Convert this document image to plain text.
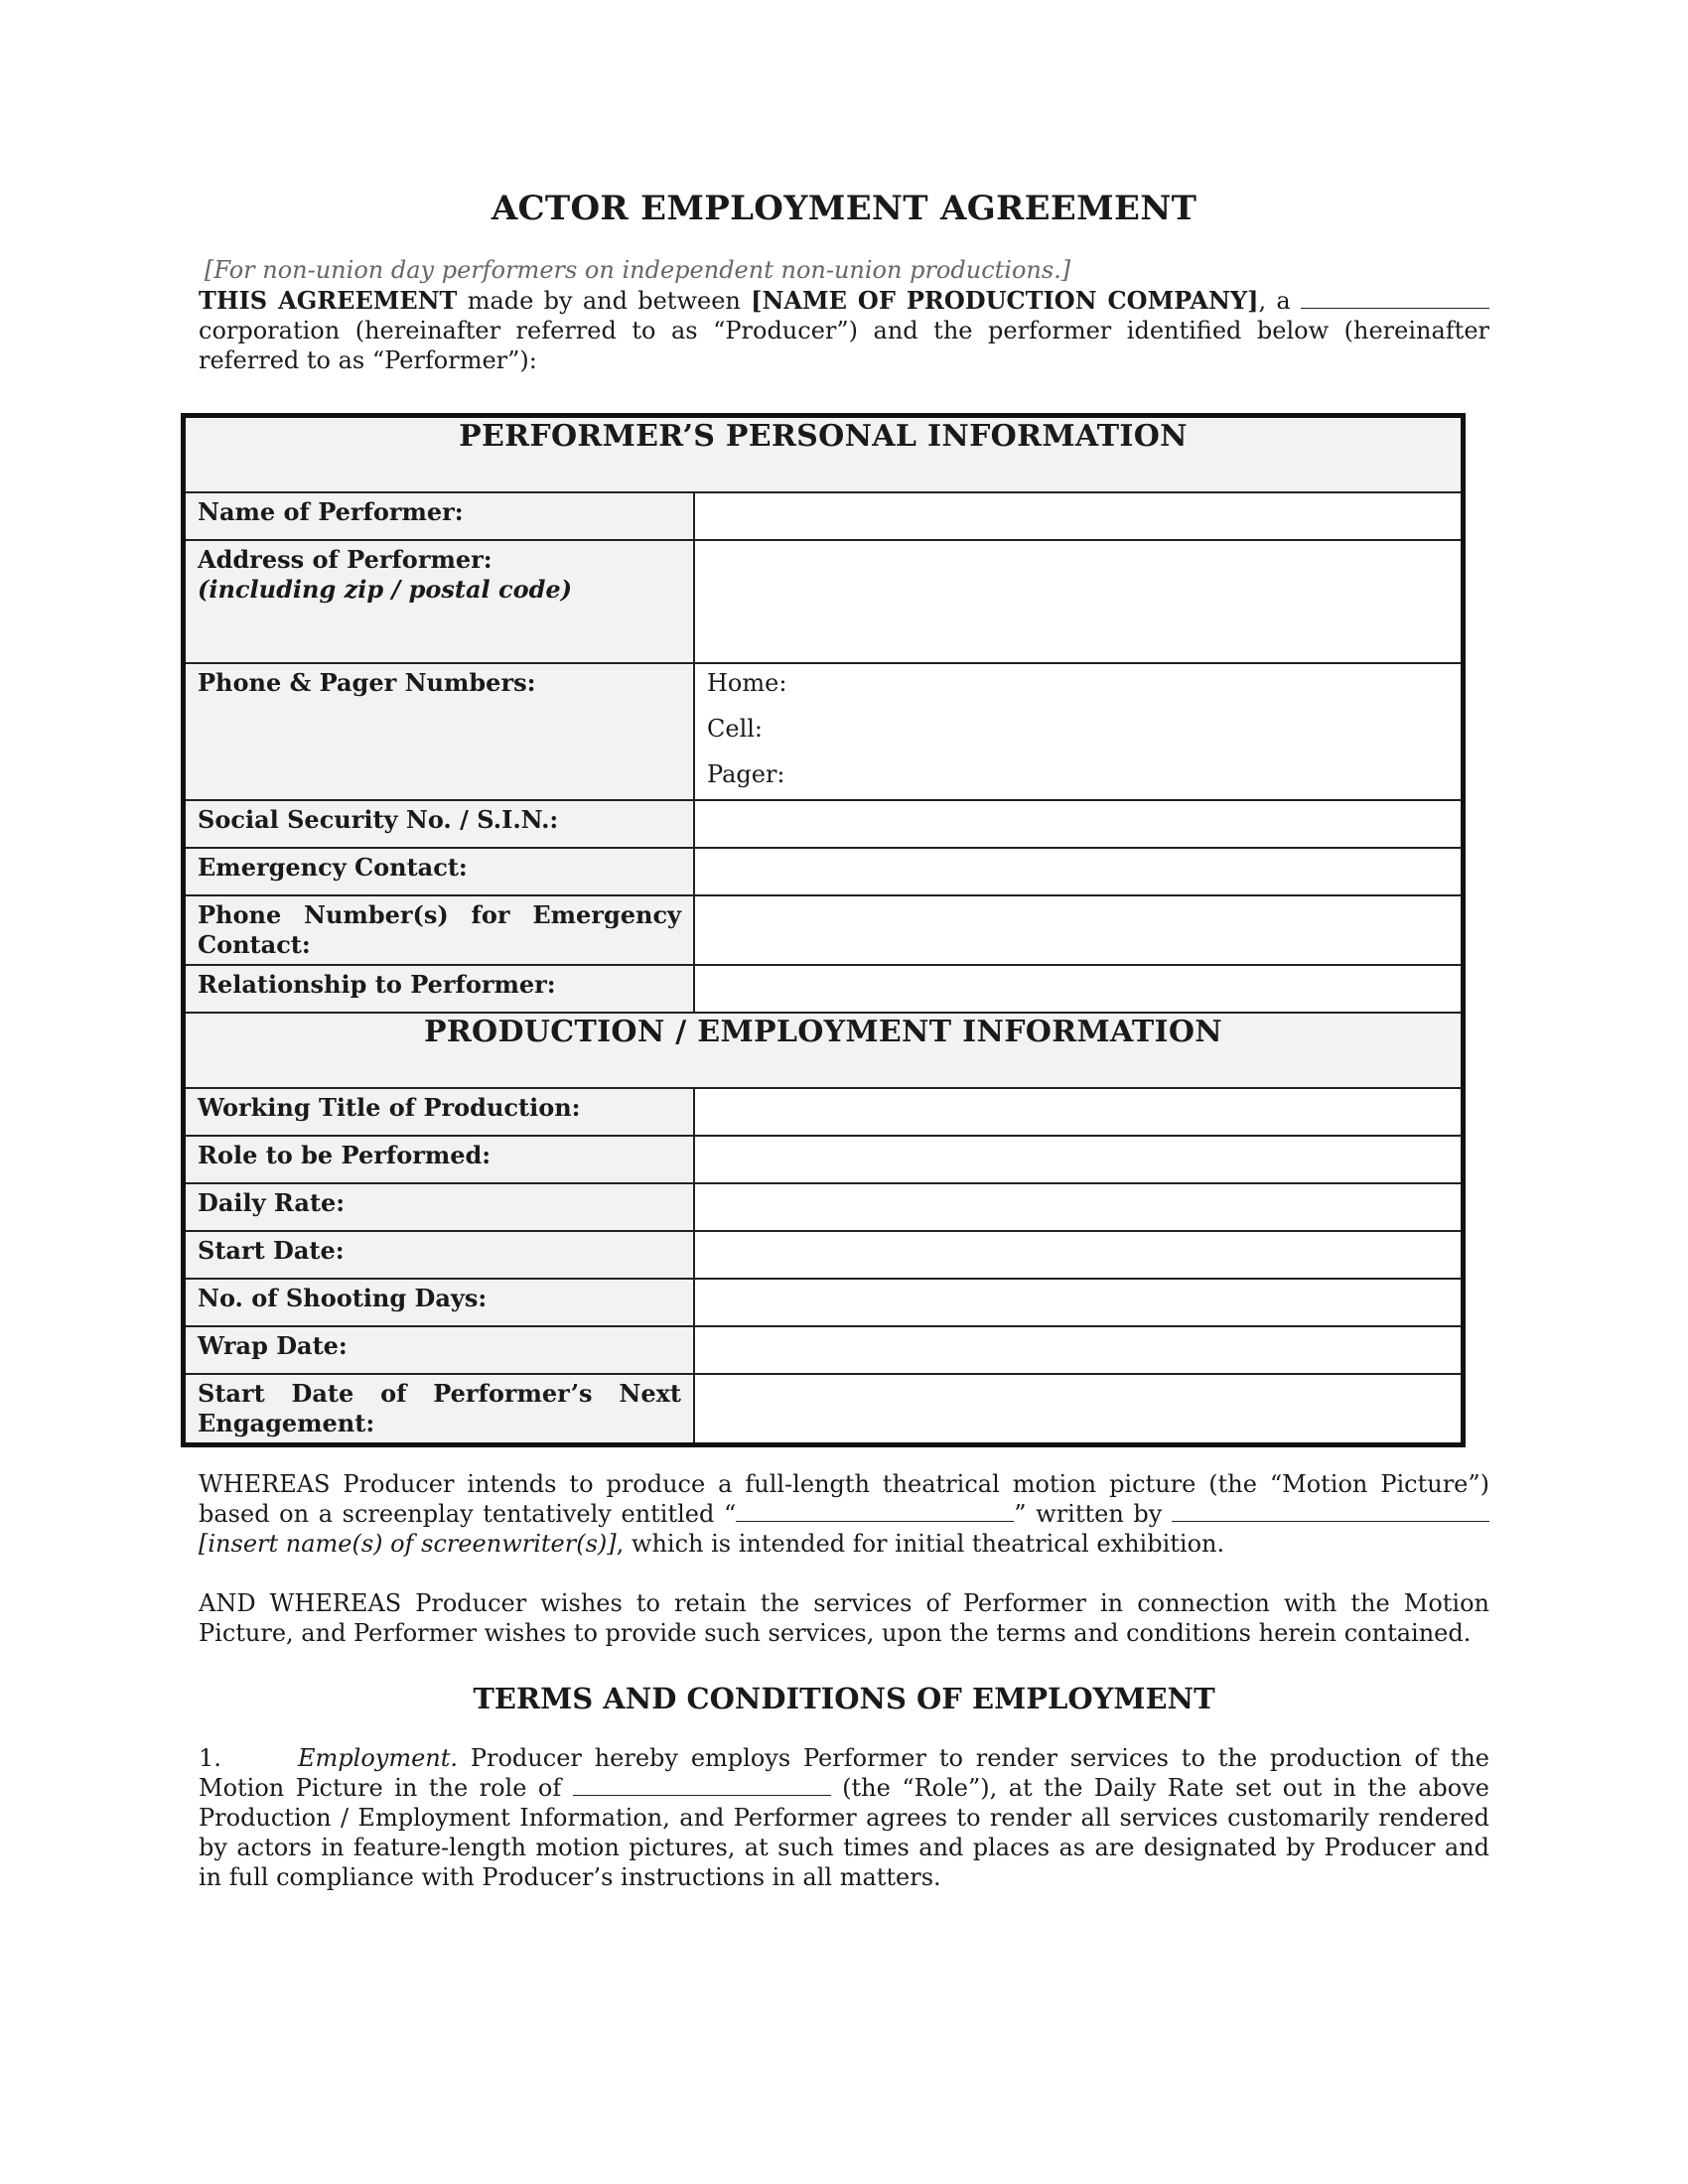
ACTOR EMPLOYMENT AGREEMENT
[For non-union day performers on independent non-union productions.]
THIS AGREEMENT made by and between [NAME OF PRODUCTION COMPANY], a  corporation (hereinafter referred to as “Producer”) and the performer identified below (hereinafter referred to as “Performer”):
PERFORMER’S PERSONAL INFORMATION	
Name of Performer:	

Address of Performer:
(including zip / postal code)	

Phone & Pager Numbers:	Home:
Cell:
Pager:

Social Security No. / S.I.N.:	
Emergency Contact:	
Phone Number(s) for Emergency Contact:	
Relationship to Performer:	
PRODUCTION / EMPLOYMENT INFORMATION	
Working Title of Production:	
Role to be Performed:	
Daily Rate:	
Start Date:	
No. of Shooting Days:	
Wrap Date:	
Start Date of Performer’s Next Engagement:	
WHEREAS Producer intends to produce a full-length theatrical motion picture (the “Motion Picture”) based on a screenplay tentatively entitled “	” written by  [insert name(s) of screenwriter(s)], which is intended for initial theatrical exhibition.
AND WHEREAS Producer wishes to retain the services of Performer in connection with the Motion Picture, and Performer wishes to provide such services, upon the terms and conditions herein contained.
TERMS AND CONDITIONS OF EMPLOYMENT
1.	Employment. Producer hereby employs Performer to render services to the production of the Motion Picture in the role of	(the “Role”), at the Daily Rate set out in the above Production / Employment Information, and Performer agrees to render all services customarily rendered by actors in feature-length motion pictures, at such times and places as are designated by Producer and in full compliance with Producer’s instructions in all matters.
